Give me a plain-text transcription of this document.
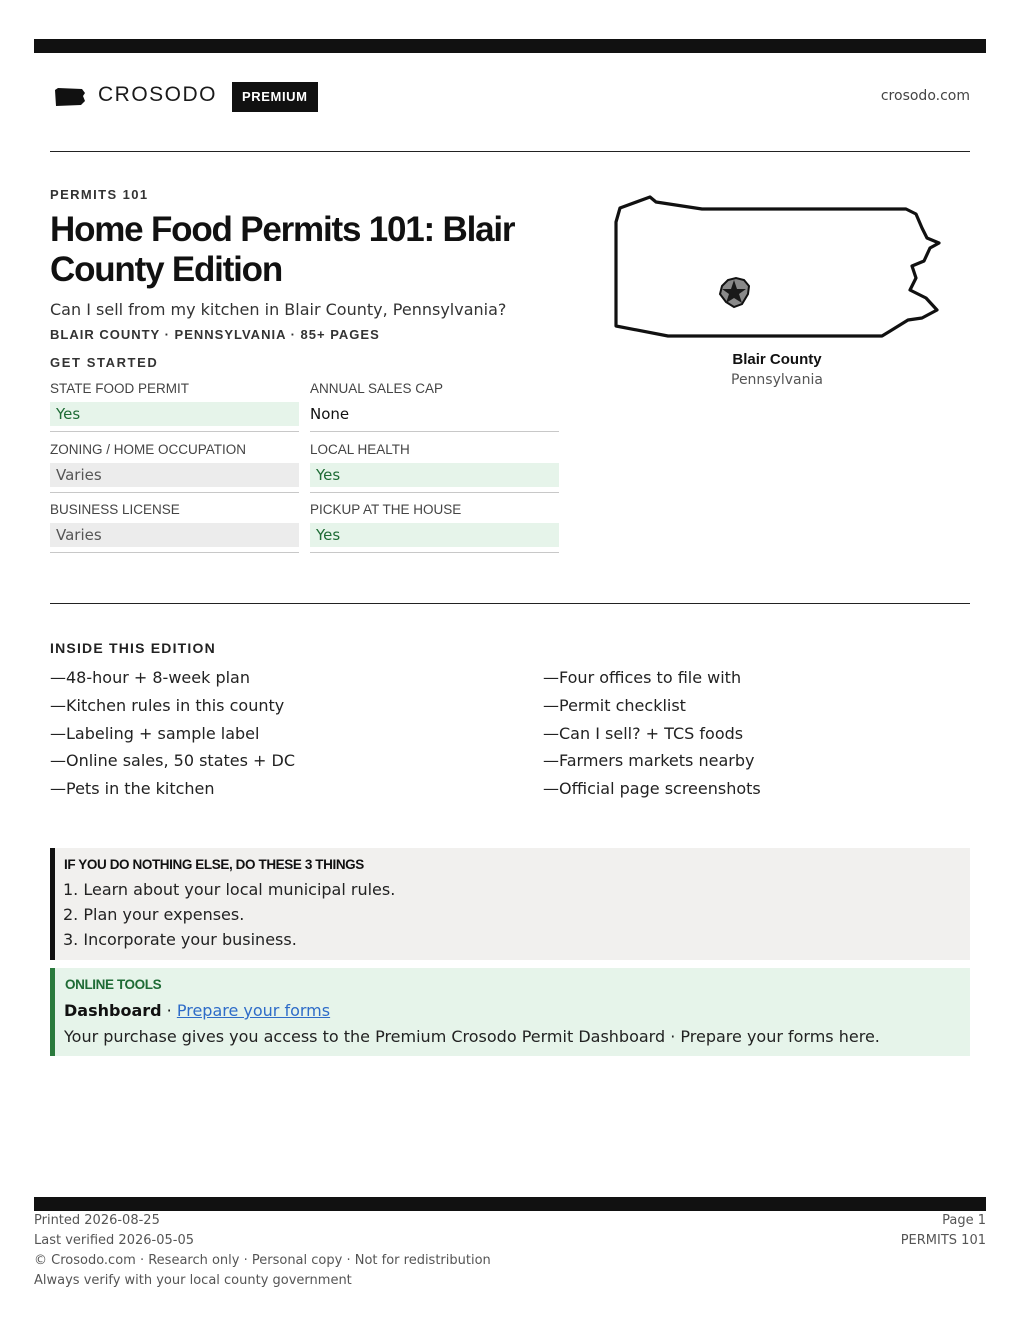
CROSODO	PREMIUM	crosodo.com
PERMITS 101
Home Food Permits 101: Blair County Edition
Can I sell from my kitchen in Blair County, Pennsylvania?
BLAIR COUNTY · PENNSYLVANIA · 85+ PAGES
GET STARTED
STATE FOOD PERMIT
Yes
ANNUAL SALES CAP
None
ZONING / HOME OCCUPATION
Varies
LOCAL HEALTH
Yes
BUSINESS LICENSE
Varies
PICKUP AT THE HOUSE
Yes
Blair County
Pennsylvania
INSIDE THIS EDITION
—48-hour + 8-week plan
—Kitchen rules in this county
—Labeling + sample label
—Online sales, 50 states + DC
—Pets in the kitchen
—Four offices to file with
—Permit checklist
—Can I sell? + TCS foods
—Farmers markets nearby
—Official page screenshots
IF YOU DO NOTHING ELSE, DO THESE 3 THINGS
1. Learn about your local municipal rules.
2. Plan your expenses.
3. Incorporate your business.
ONLINE TOOLS
Dashboard · Prepare your forms
Your purchase gives you access to the Premium Crosodo Permit Dashboard · Prepare your forms here.
Printed 2026-08-25
Last verified 2026-05-05
© Crosodo.com · Research only · Personal copy · Not for redistribution
Always verify with your local county government
Page 1
PERMITS 101
